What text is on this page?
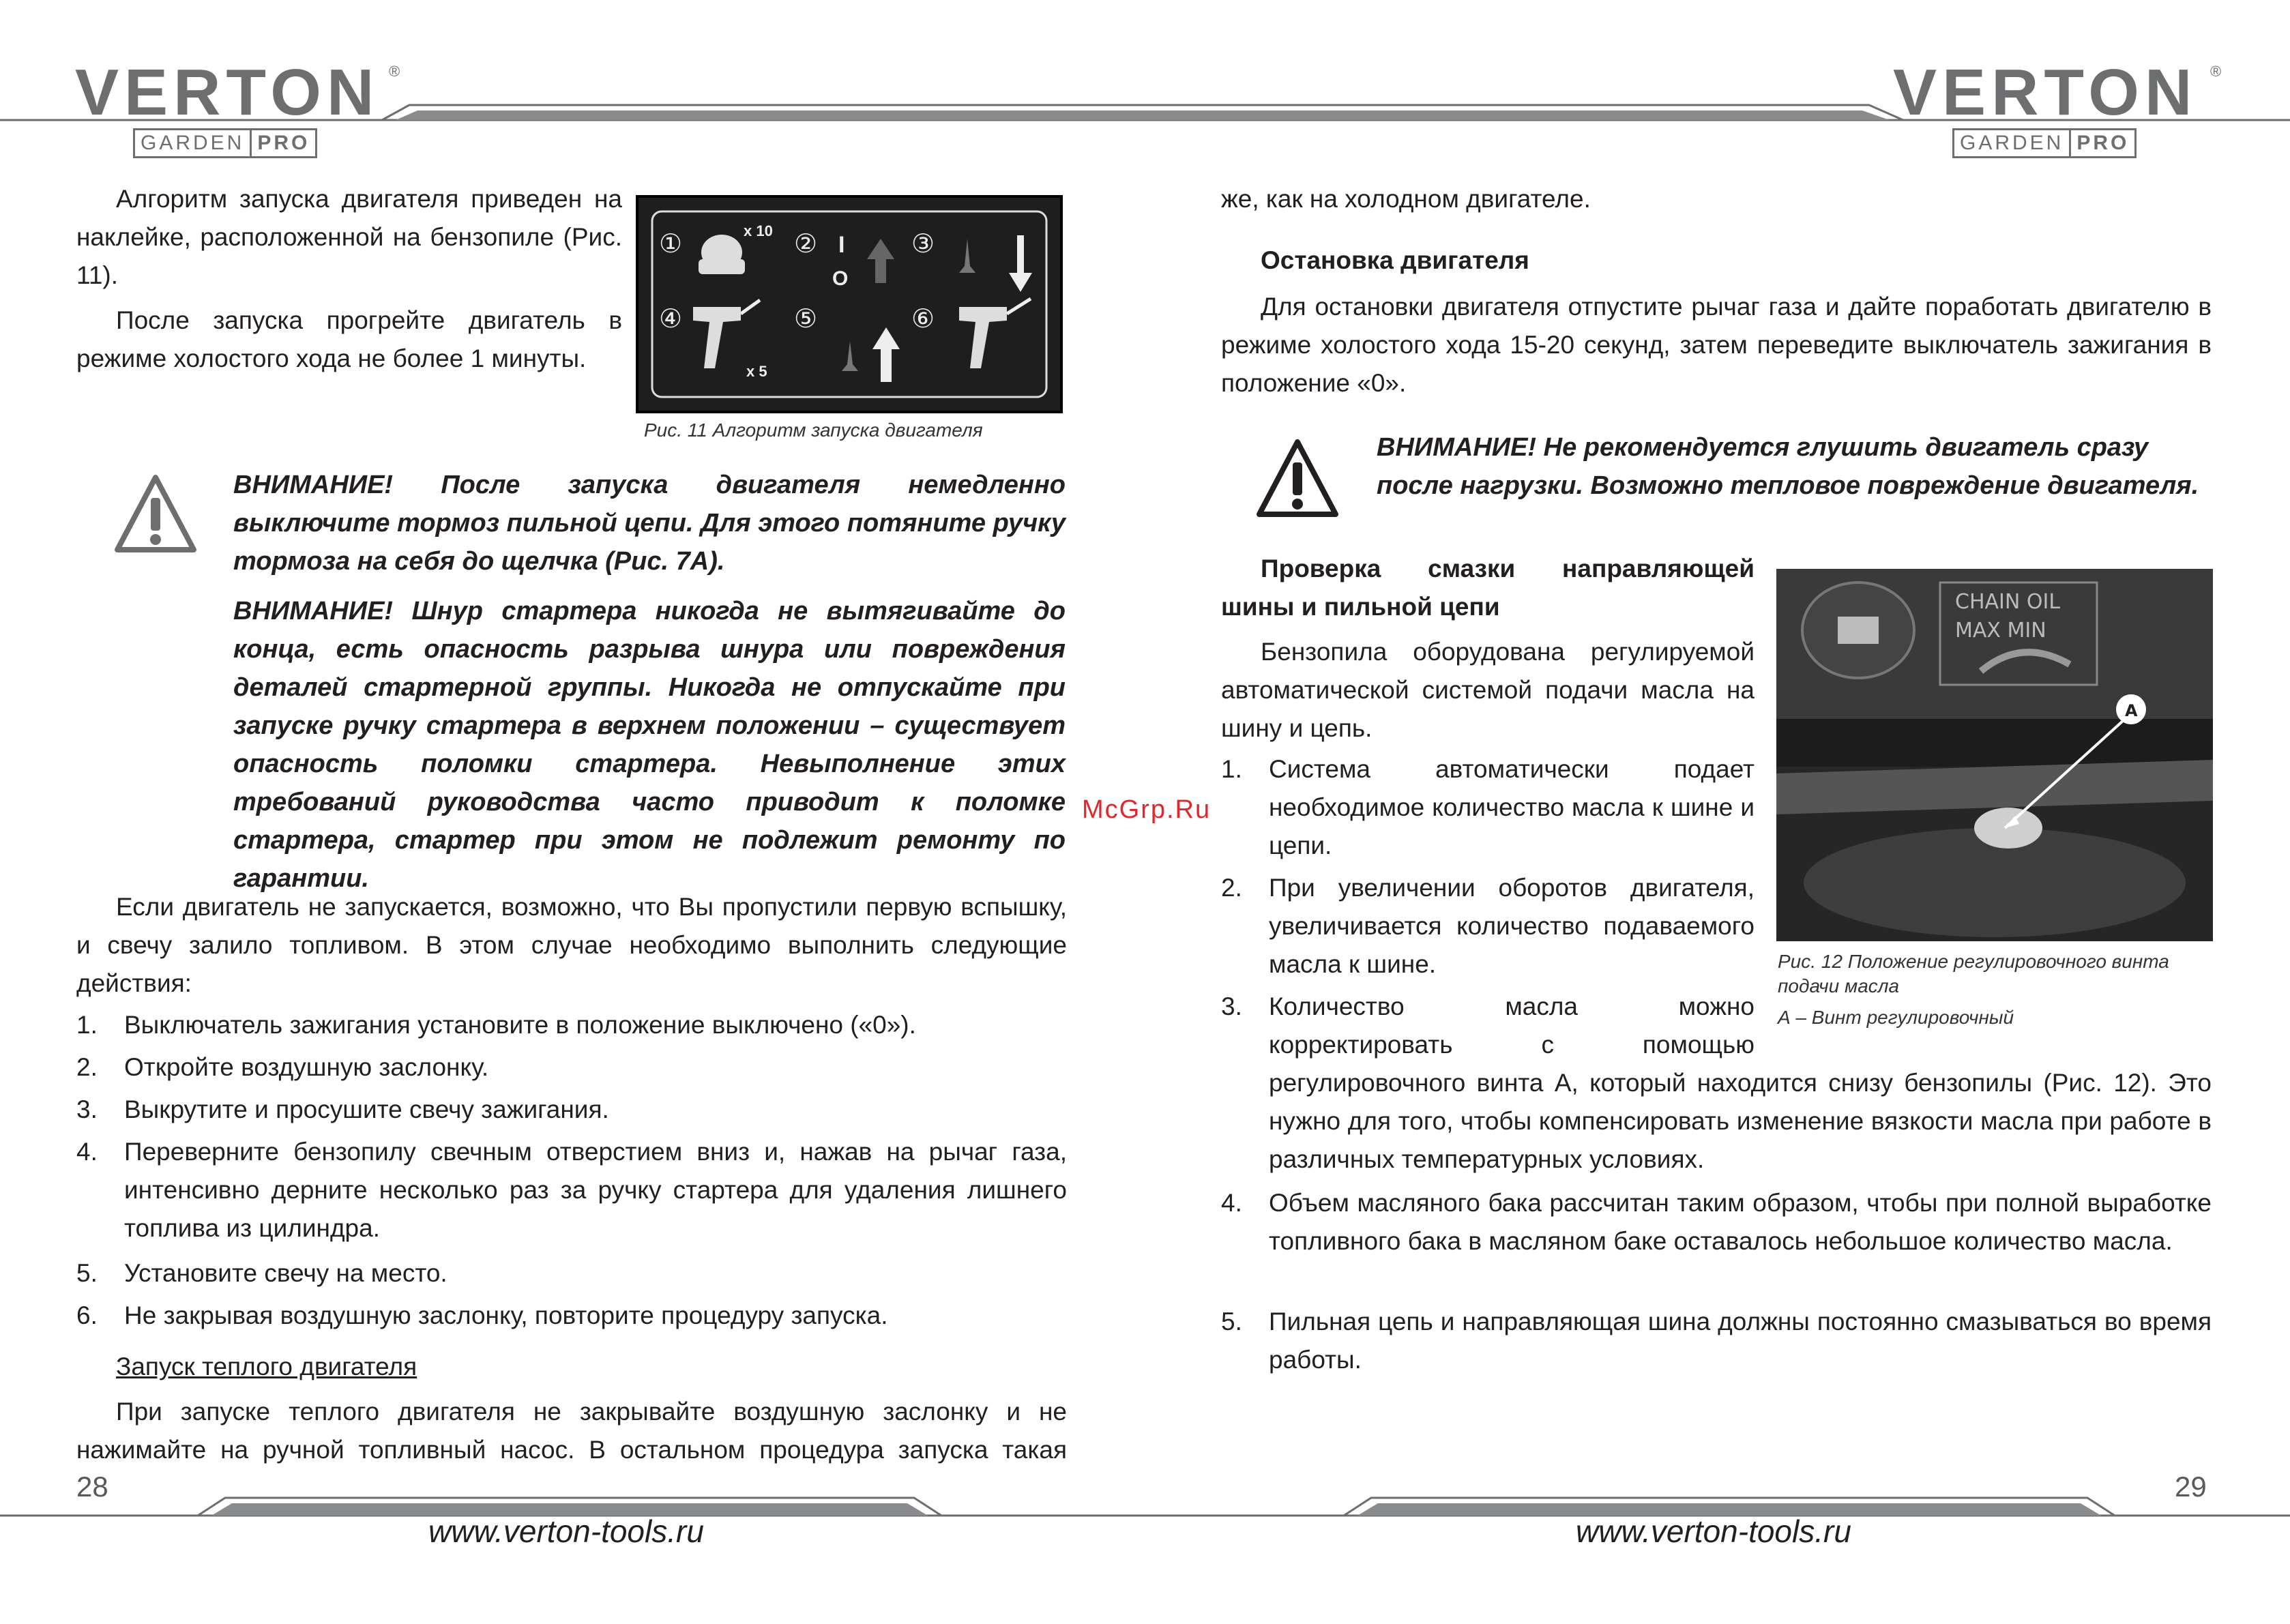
VERTON ®
GARDEN PRO
VERTON ®
GARDEN PRO
Алгоритм запуска двигателя приведен на наклейке, расположенной на бензопиле (Рис. 11).
После запуска прогрейте двигатель в режиме холостого хода не более 1 минуты.
①	②	③
④	⑤	⑥
x 10
I
O
x 5
Рис. 11 Алгоритм запуска двигателя
ВНИМАНИЕ! После запуска двигателя немедленно выключите тормоз пильной цепи. Для этого потяните ручку тормоза на себя до щелчка (Рис. 7А).
ВНИМАНИЕ! Шнур стартера никогда не вытягивайте до конца, есть опасность разрыва шнура или повреждения деталей стартерной группы. Никогда не отпускайте при запуске ручку стартера в верхнем положении – существует опасность поломки стартера. Невыполнение этих требований руководства часто приводит к поломке стартера, стартер при этом не подлежит ремонту по гарантии.
McGrp.Ru
Если двигатель не запускается, возможно, что Вы пропустили первую вспышку, и свечу залило топливом. В этом случае необходимо выполнить следующие действия:
1.	Выключатель зажигания установите в положение выключено («0»).
2.	Откройте воздушную заслонку.
3.	Выкрутите и просушите свечу зажигания.
4.	Переверните бензопилу свечным отверстием вниз и, нажав на рычаг газа, интенсивно дерните несколько раз за ручку стартера для удаления лишнего топлива из цилиндра.
5.	Установите свечу на место.
6.	Не закрывая воздушную заслонку, повторите процедуру запуска.
Запуск теплого двигателя
При запуске теплого двигателя не закрывайте воздушную заслонку и не нажимайте на ручной топливный насос. В остальном процедура запуска такая
же, как на холодном двигателе.
Остановка двигателя
Для остановки двигателя отпустите рычаг газа и дайте поработать двигателю в режиме холостого хода 15-20 секунд, затем переведите выключатель зажигания в положение «0».
ВНИМАНИЕ! Не рекомендуется глушить двигатель сразу после нагрузки. Возможно тепловое повреждение двигателя.
Проверка смазки направляющей шины и пильной цепи
Бензопила оборудована регулируемой автоматической системой подачи масла на шину и цепь.
1.	Система автоматически подает необходимое количество масла к шине и цепи.
2.	При увеличении оборотов двигателя, увеличивается количество подаваемого масла к шине.
3.	Количество	масла	можно
корректировать	с	помощью
регулировочного винта А, который находится снизу бензопилы (Рис. 12). Это нужно для того, чтобы компенсировать изменение вязкости масла при работе в различных температурных условиях.
4.	Объем масляного бака рассчитан таким образом, чтобы при полной выработке топливного бака в масляном баке оставалось небольшое количество масла.
5.	Пильная цепь и направляющая шина должны постоянно смазываться во время работы.
CHAIN OIL
MAX MIN
A
Рис. 12 Положение регулировочного винта подачи масла
А – Винт регулировочный
28	29
www.verton-tools.ru	www.verton-tools.ru
